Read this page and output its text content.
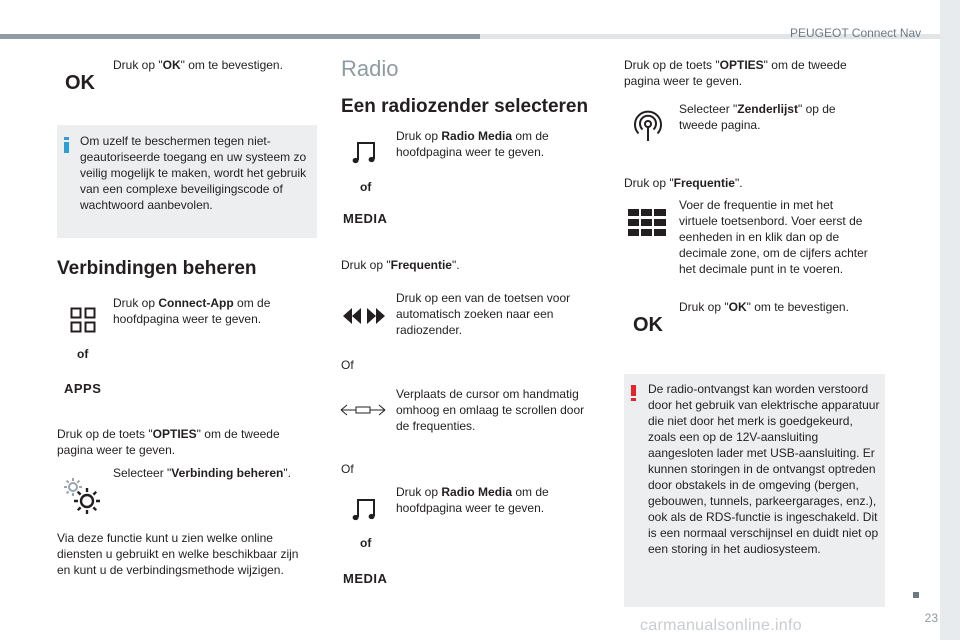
PEUGEOT Connect Nav
23
OK
Druk op "OK" om te bevestigen.
Om uzelf te beschermen tegen niet-geautoriseerde toegang en uw systeem zo veilig mogelijk te maken, wordt het gebruik van een complexe beveiligingscode of wachtwoord aanbevolen.
Verbindingen beheren
Druk op Connect-App om de hoofdpagina weer te geven.
of
APPS
Druk op de toets "OPTIES" om de tweede pagina weer te geven.
Selecteer "Verbinding beheren".
Via deze functie kunt u zien welke online diensten u gebruikt en welke beschikbaar zijn en kunt u de verbindingsmethode wijzigen.
Radio
Een radiozender selecteren
Druk op Radio Media om de hoofdpagina weer te geven.
of
MEDIA
Druk op "Frequentie".
Druk op een van de toetsen voor automatisch zoeken naar een radiozender.
Of
Verplaats de cursor om handmatig omhoog en omlaag te scrollen door de frequenties.
Of
Druk op Radio Media om de hoofdpagina weer te geven.
of
MEDIA
Druk op de toets "OPTIES" om de tweede pagina weer te geven.
Selecteer "Zenderlijst" op de tweede pagina.
Druk op "Frequentie".
Voer de frequentie in met het virtuele toetsenbord. Voer eerst de eenheden in en klik dan op de decimale zone, om de cijfers achter het decimale punt in te voeren.
OK
Druk op "OK" om te bevestigen.
De radio-ontvangst kan worden verstoord door het gebruik van elektrische apparatuur die niet door het merk is goedgekeurd, zoals een op de 12V-aansluiting aangesloten lader met USB-aansluiting. Er kunnen storingen in de ontvangst optreden door obstakels in de omgeving (bergen, gebouwen, tunnels, parkeergarages, enz.), ook als de RDS-functie is ingeschakeld. Dit is een normaal verschijnsel en duidt niet op een storing in het audiosysteem.
carmanualsonline.info
